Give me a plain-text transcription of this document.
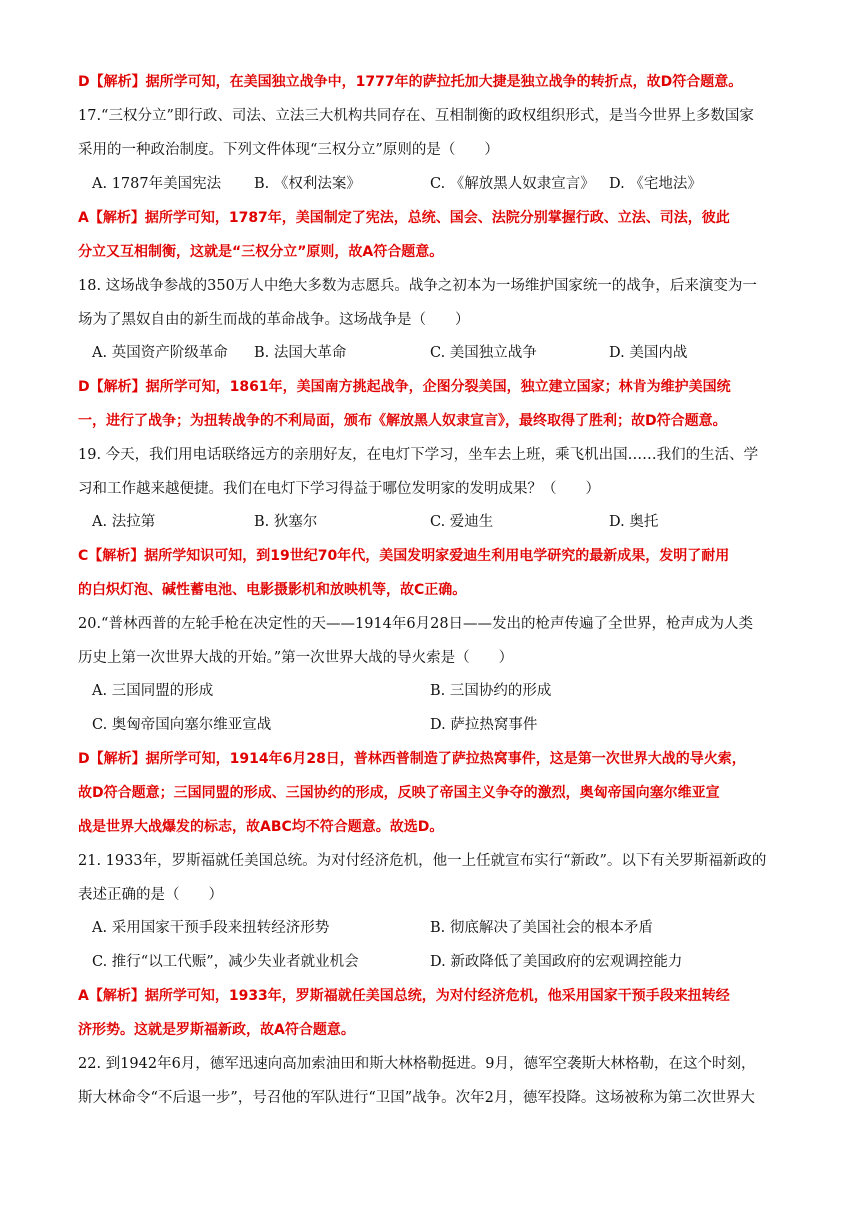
D【解析】据所学可知，在美国独立战争中，1777年的萨拉托加大捷是独立战争的转折点，故D符合题意。
17.“三权分立”即行政、司法、立法三大机构共同存在、互相制衡的政权组织形式，是当今世界上多数国家
采用的一种政治制度。下列文件体现“三权分立”原则的是（　　）
A. 1787年美国宪法 B. 《权利法案》	C. 《解放黑人奴隶宣言》 D. 《宅地法》
A【解析】据所学可知，1787年，美国制定了宪法，总统、国会、法院分别掌握行政、立法、司法，彼此
分立又互相制衡，这就是“三权分立”原则，故A符合题意。
18. 这场战争参战的350万人中绝大多数为志愿兵。战争之初本为一场维护国家统一的战争，后来演变为一
场为了黑奴自由的新生而战的革命战争。这场战争是（　　）
A. 英国资产阶级革命 B. 法国大革命	C. 美国独立战争	D. 美国内战
D【解析】据所学可知，1861年，美国南方挑起战争，企图分裂美国，独立建立国家；林肯为维护美国统
一，进行了战争；为扭转战争的不利局面，颁布《解放黑人奴隶宣言》，最终取得了胜利；故D符合题意。
19. 今天，我们用电话联络远方的亲朋好友，在电灯下学习，坐车去上班，乘飞机出国……我们的生活、学
习和工作越来越便捷。我们在电灯下学习得益于哪位发明家的发明成果？（　　）
A. 法拉第	B. 狄塞尔	C. 爱迪生	D. 奥托
C【解析】据所学知识可知，到19世纪70年代，美国发明家爱迪生利用电学研究的最新成果，发明了耐用
的白炽灯泡、碱性蓄电池、电影摄影机和放映机等，故C正确。
20.“普林西普的左轮手枪在决定性的天——1914年6月28日——发出的枪声传遍了全世界，枪声成为人类
历史上第一次世界大战的开始。”第一次世界大战的导火索是（　　）
A. 三国同盟的形成	B. 三国协约的形成
C. 奥匈帝国向塞尔维亚宣战	D. 萨拉热窝事件
D【解析】据所学可知，1914年6月28日，普林西普制造了萨拉热窝事件，这是第一次世界大战的导火索，
故D符合题意；三国同盟的形成、三国协约的形成，反映了帝国主义争夺的激烈，奥匈帝国向塞尔维亚宣
战是世界大战爆发的标志，故ABC均不符合题意。故选D。
21. 1933年，罗斯福就任美国总统。为对付经济危机，他一上任就宣布实行“新政”。以下有关罗斯福新政的
表述正确的是（　　）
A. 采用国家干预手段来扭转经济形势	B. 彻底解决了美国社会的根本矛盾
C. 推行“以工代赈”，减少失业者就业机会	D. 新政降低了美国政府的宏观调控能力
A【解析】据所学可知，1933年，罗斯福就任美国总统，为对付经济危机，他采用国家干预手段来扭转经
济形势。这就是罗斯福新政，故A符合题意。
22. 到1942年6月，德军迅速向高加索油田和斯大林格勒挺进。9月，德军空袭斯大林格勒，在这个时刻，
斯大林命令“不后退一步”，号召他的军队进行“卫国”战争。次年2月，德军投降。这场被称为第二次世界大
